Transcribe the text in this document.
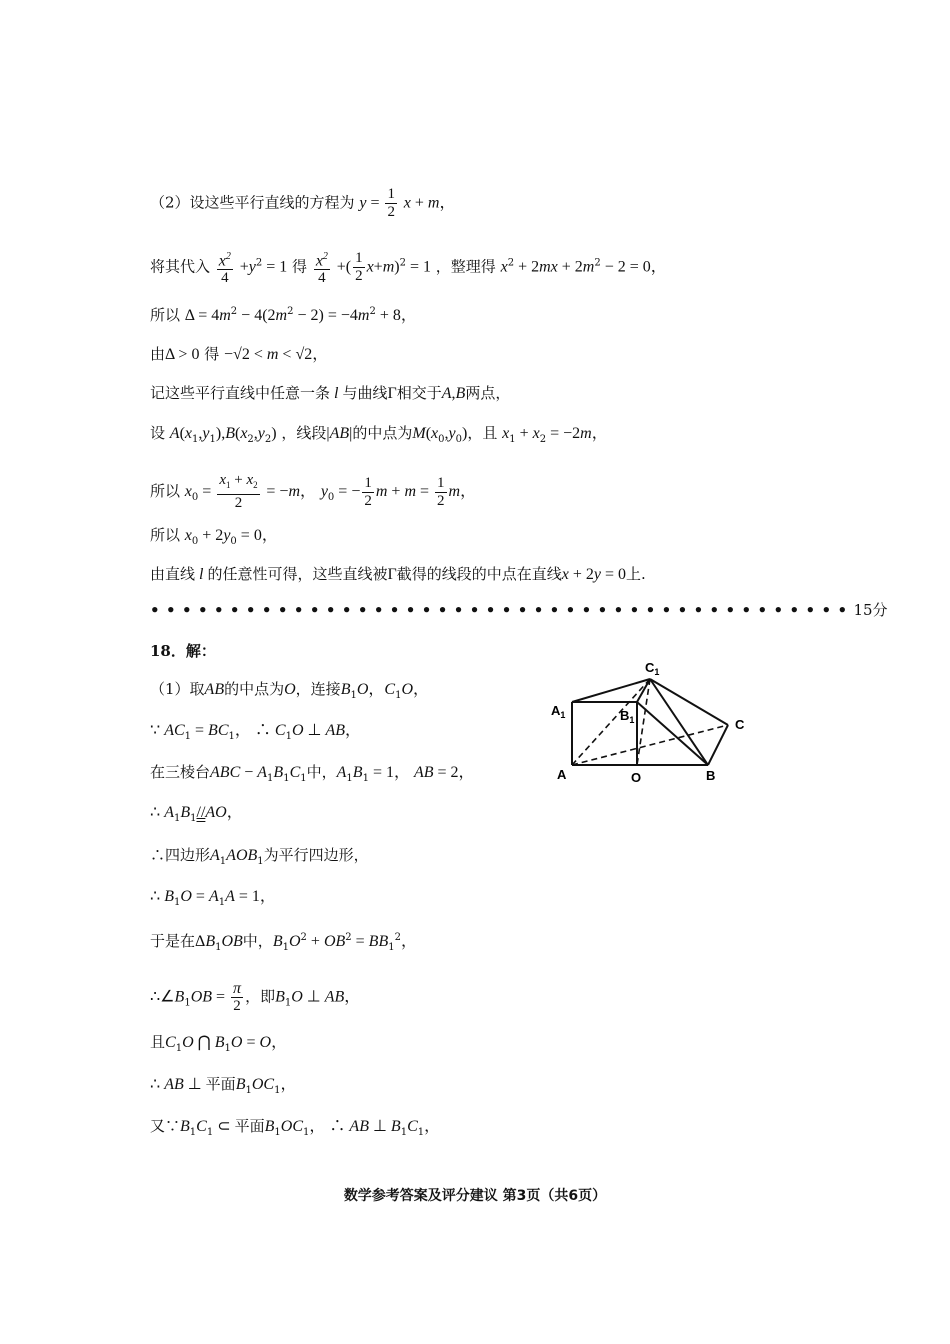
（2）设这些平行直线的方程为 $y = \frac{1}{2}$ x + m，
将其代入 $\frac{x^2}{4} +y^2 = 1$ 得 $\frac{x^2}{4}$ +( $\frac{1}{2} x+m)^2 = 1$ ，整理得 $x^2 + 2mx + 2m^2 - 2 = 0$，
所以 $\Delta = 4m^2 - 4(2m^2 - 2) = -4m^2 + 8$，
由Δ > 0 得 −√2 < m < √2，
记这些平行直线中任意一条 l 与曲线Γ相交于A,B两点，
设 $A(x_1,y_1),B(x_2,y_2)$ ，线段|AB|的中点为$M(x_0,y_0)$，且 $x_1 + x_2 = -2m$，
所以 $x_0 = \frac{x_1 + x_2}{2} = -m$， $y_0$ = − $\frac{1}{2}$ $m + m = \frac{1}{2}$ m，
所以 $x_0 + 2y_0 = 0$，
由直线 l 的任意性可得，这些直线被Γ截得的线段的中点在直线x + 2y = 0上.
••••••••••••••••••••••••••••••••••••••••••••15分
18．解：
（1）取AB的中点为O，连接$B_1O$，$C_1O$，
∵ $AC_1 = BC_1$， ∴ $C_1O$ ⊥ AB，
在三棱台ABC − $A_1B_1C_1$中，$A_1B_1 = 1$， AB = 2，
∴ $A_1B_1//AO$，
∴四边形$A_1AOB_1$为平行四边形，
∴ $B_1O = A_1A = 1$，
于是在$\Delta B_1OB$中，$B_1O^2 + OB^2 = BB_1^2$，
$\therefore\angle B_1OB = \frac{\pi}{2}$ ，即$B_1O$ ⊥ AB，
且$C_1O$ ⋂ $B_1O = O$，
∴ AB ⊥ 平面$B_1OC_1$，
又$\because B_1C_1$ ⊂ 平面$B_1OC_1$， ∴ AB ⊥ $B_1C_1$，
$C_1$
$A_1$	$B_1$
A	O	B
C
数学参考答案及评分建议 第3页（共6页）
